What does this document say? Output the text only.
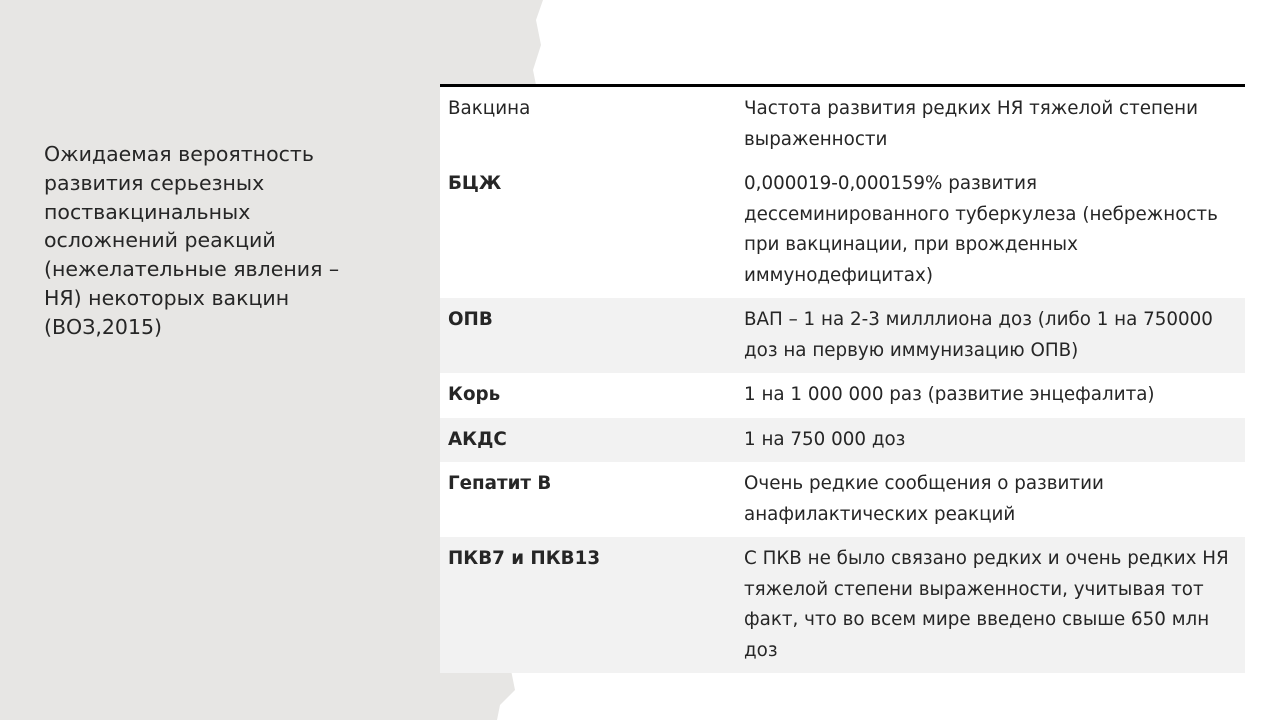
Ожидаемая вероятность развития серьезных поствакцинальных осложнений реакций (нежелательные явления – НЯ) некоторых вакцин (ВОЗ,2015)
Вакцина	Частота развития редких НЯ тяжелой степени выраженности
БЦЖ	0,000019-0,000159% развития дессеминированного туберкулеза (небрежность при вакцинации, при врожденных иммунодефицитах)
ОПВ	ВАП – 1 на 2-3 милллиона доз (либо 1 на 750000 доз на первую иммунизацию ОПВ)
Корь	1 на 1 000 000 раз (развитие энцефалита)
АКДС	1 на 750 000 доз
Гепатит В	Очень редкие сообщения о развитии анафилактических реакций
ПКВ7 и ПКВ13	С ПКВ не было связано редких и очень редких НЯ тяжелой степени выраженности, учитывая тот факт, что во всем мире введено свыше 650 млн доз
